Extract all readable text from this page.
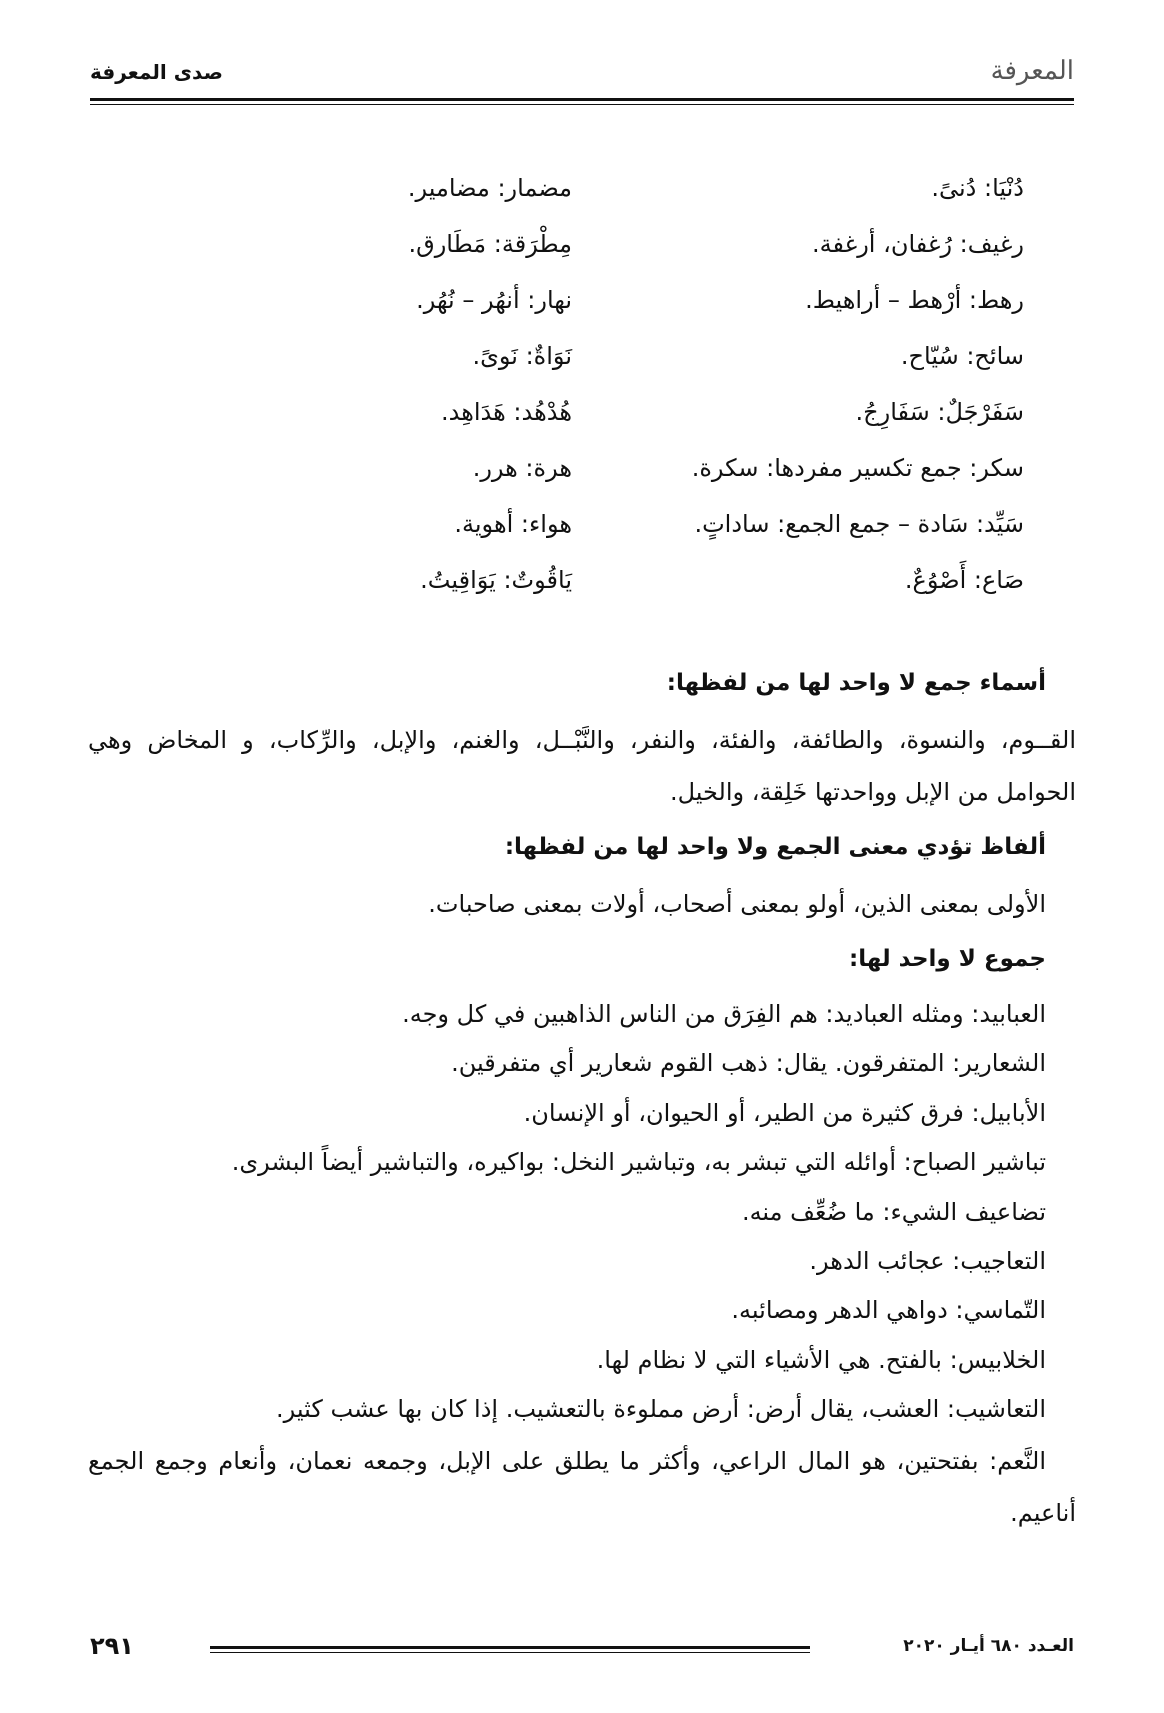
صدى المعرفة	المعرفة
دُنْيَا: دُنىً.
مضمار: مضامير.
رغيف: رُغفان، أرغفة.
مِطْرَقة: مَطَارق.
رهط: أرْهط – أراهيط.
نهار: أنهُر – نُهُر.
سائح: سُيّاح.
نَوَاةٌ: نَوىً.
سَفَرْجَلٌ: سَفَارِجُ.
هُدْهُد: هَدَاهِد.
سكر: جمع تكسير مفردها: سكرة.
هرة: هرر.
سَيِّد: سَادة – جمع الجمع: ساداتٍ.
هواء: أهوية.
صَاع: أَصْوُعٌ.
يَاقُوتٌ: يَوَاقِيتُ.
أسماء جمع لا واحد لها من لفظها:

القــوم، والنسوة، والطائفة، والفئة، والنفر، والنَّبْــل، والغنم، والإبل، والرِّكاب، و المخاض وهي الحوامل من الإبل وواحدتها خَلِقة، والخيل.

ألفاظ تؤدي معنى الجمع ولا واحد لها من لفظها:

الأولى بمعنى الذين، أولو بمعنى أصحاب، أولات بمعنى صاحبات.

جموع لا واحد لها:
العبابيد: ومثله العباديد: هم الفِرَق من الناس الذاهبين في كل وجه.
الشعارير: المتفرقون. يقال: ذهب القوم شعارير أي متفرقين.
الأبابيل: فرق كثيرة من الطير، أو الحيوان، أو الإنسان.
تباشير الصباح: أوائله التي تبشر به، وتباشير النخل: بواكيره، والتباشير أيضاً البشرى.
تضاعيف الشيء: ما ضُعِّف منه.
التعاجيب: عجائب الدهر.
التّماسي: دواهي الدهر ومصائبه.
الخلابيس: بالفتح. هي الأشياء التي لا نظام لها.
التعاشيب: العشب، يقال أرض: أرض مملوءة بالتعشيب. إذا كان بها عشب كثير.

النَّعم: بفتحتين، هو المال الراعي، وأكثر ما يطلق على الإبل، وجمعه نعمان، وأنعام وجمع الجمع أناعيم.

٢٩١	العـدد ٦٨٠ أيـار ٢٠٢٠
